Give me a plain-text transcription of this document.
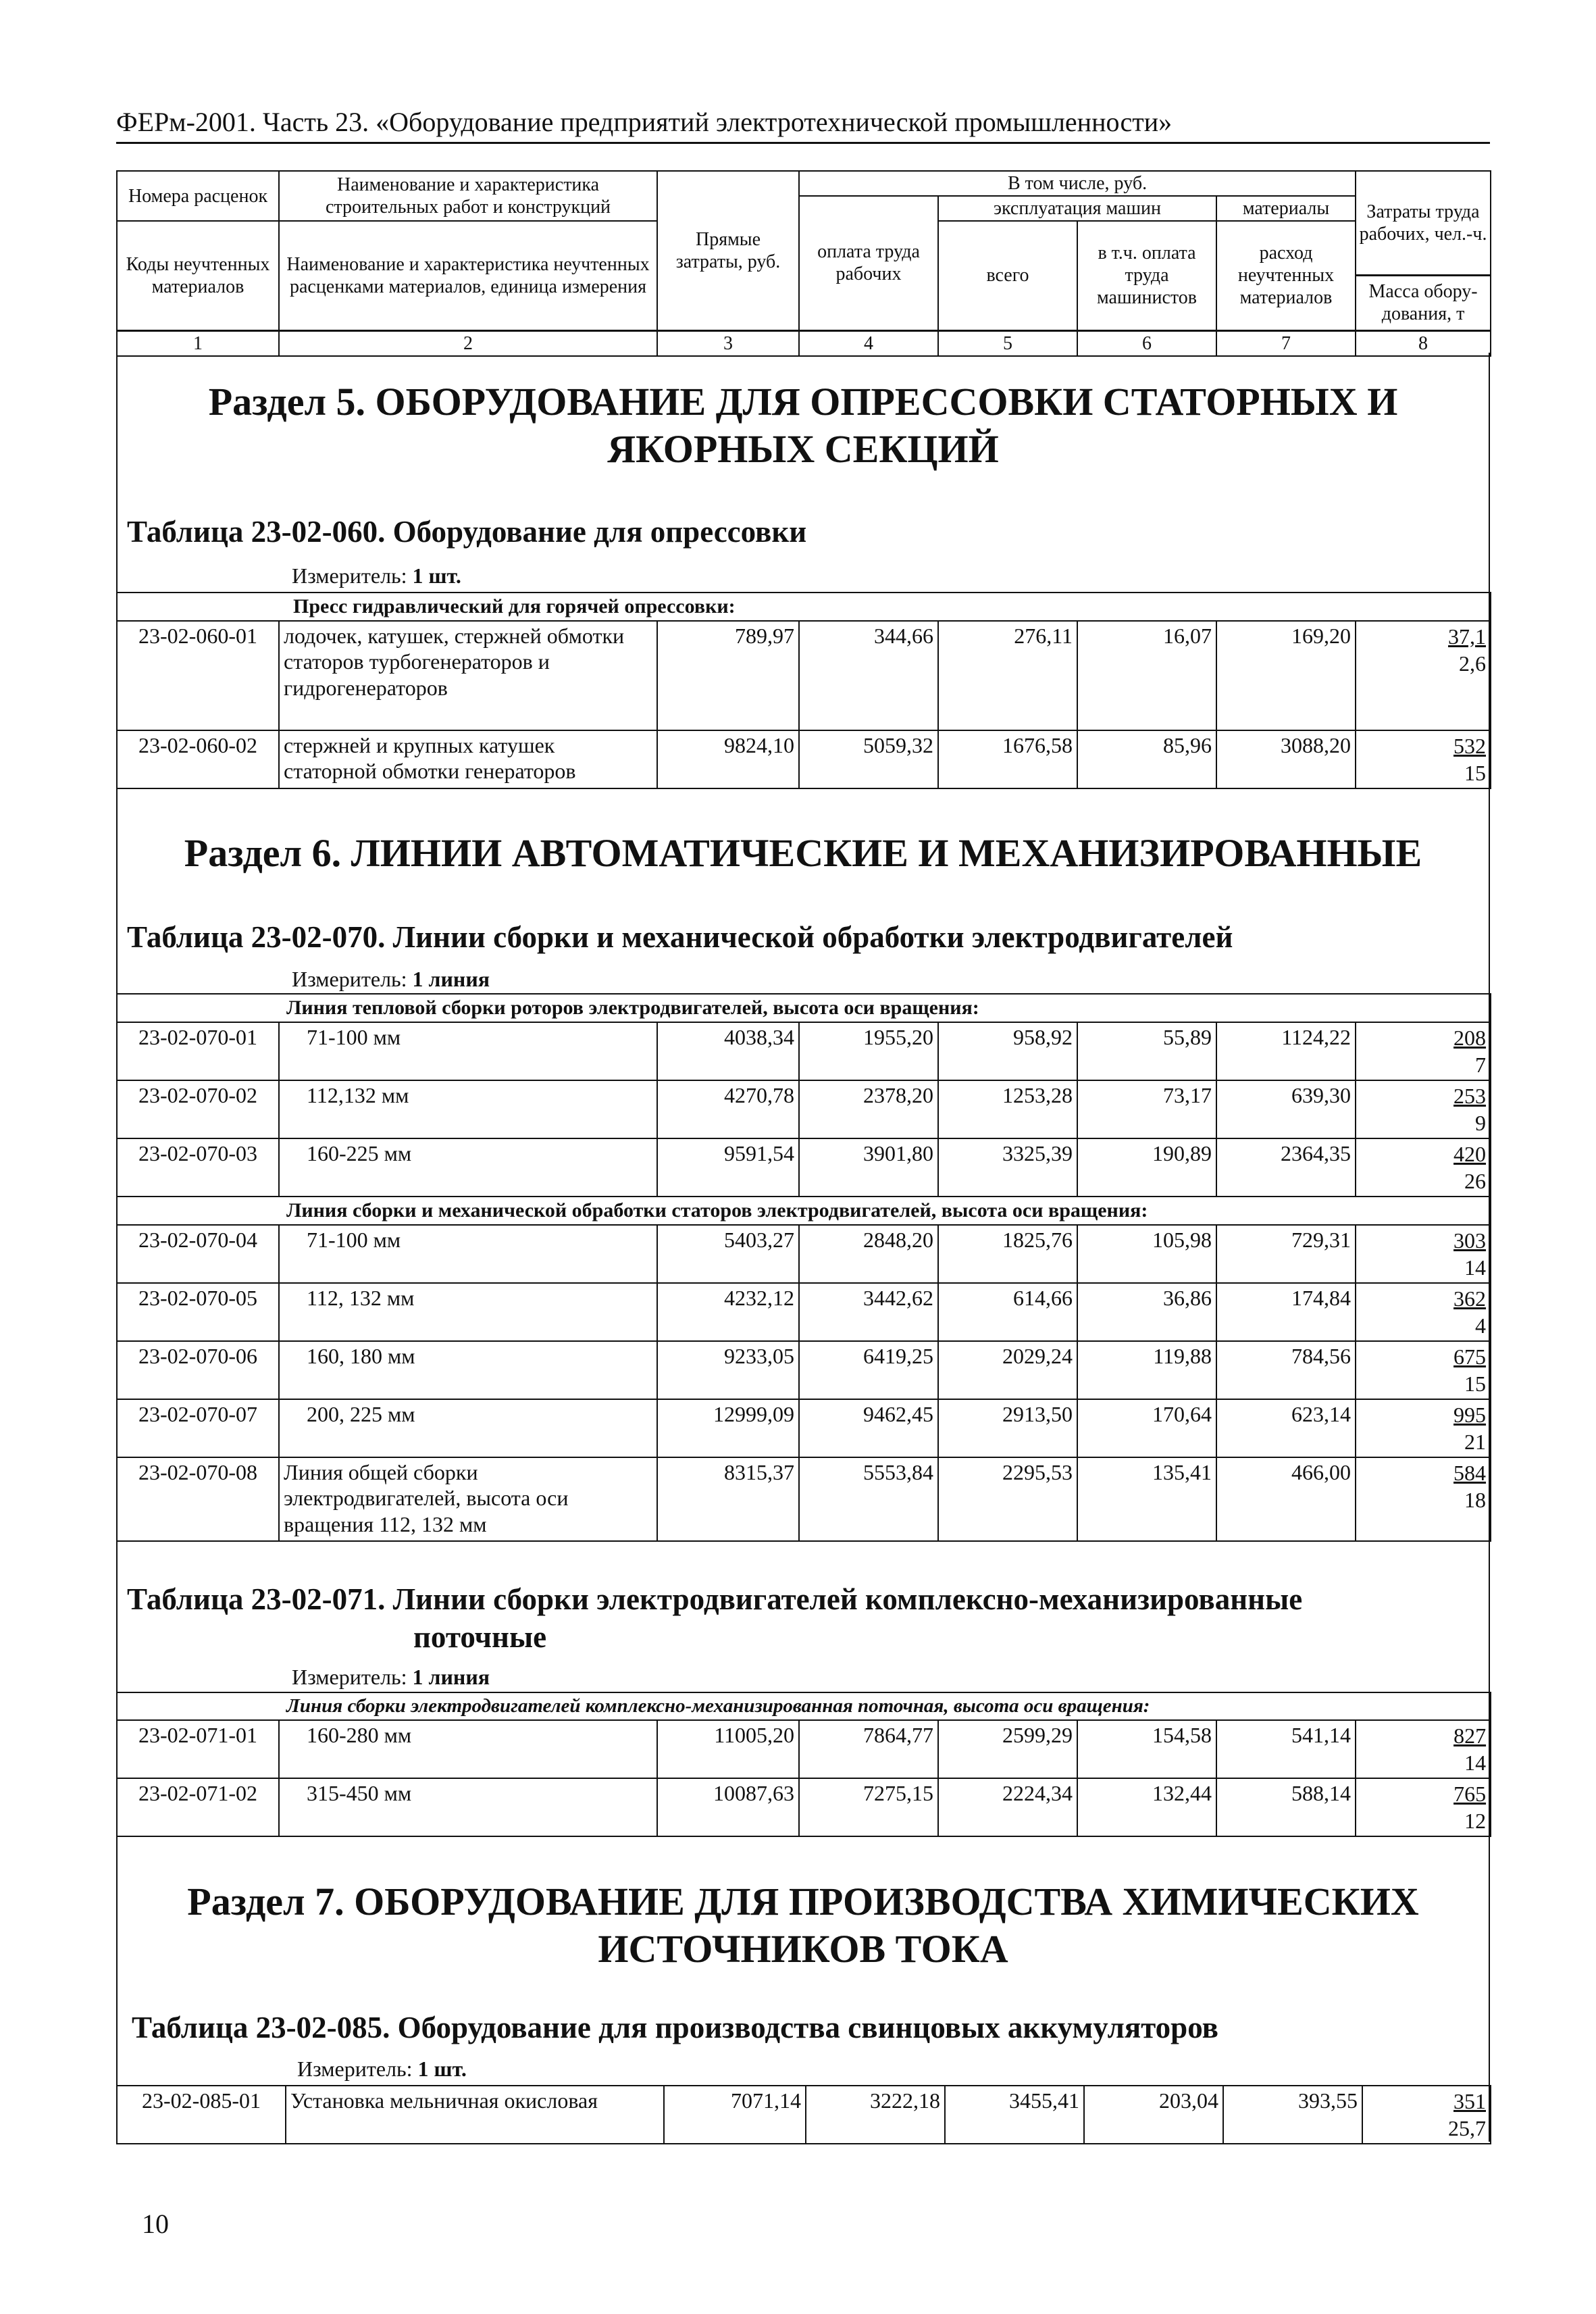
ФЕРм-2001. Часть 23. «Оборудование предприятий электротехнической промышленности»
Номера расценок	Наименование и характеристика строительных работ и конструкций	Прямые затраты, руб.	В том числе, руб.				Затраты труда рабочих, чел.-ч.
			оплата труда рабочих	эксплуатация машин		материалы	
Коды неучтенных материалов	Наименование и характеристика неучтенных расценками материалов, единица измерения			всего	в т.ч. оплата труда машинистов	расход неучтенных материалов	
							Масса обору-дования, т
1	2	3	4	5	6	7	8
Раздел 5. ОБОРУДОВАНИЕ ДЛЯ ОПРЕССОВКИ СТАТОРНЫХ И ЯКОРНЫХ СЕКЦИЙ
Таблица 23-02-060. Оборудование для опрессовки
Измеритель: 1 шт.
Пресс гидравлический для горячей опрессовки:							
23-02-060-01	лодочек, катушек, стержней обмотки статоров турбогенераторов и гидрогенераторов	789,97	344,66	276,11	16,07	169,20	37,1
2,6

23-02-060-02	стержней и крупных катушек статорной обмотки генераторов	9824,10	5059,32	1676,58	85,96	3088,20	532
15
Раздел 6. ЛИНИИ АВТОМАТИЧЕСКИЕ И МЕХАНИЗИРОВАННЫЕ
Таблица 23-02-070. Линии сборки и механической обработки электродвигателей
Измеритель: 1 линия
Линия тепловой сборки роторов электродвигателей, высота оси вращения:							
23-02-070-01	71-100 мм	4038,34	1955,20	958,92	55,89	1124,22	208
7

23-02-070-02	112,132 мм	4270,78	2378,20	1253,28	73,17	639,30	253
9

23-02-070-03	160-225 мм	9591,54	3901,80	3325,39	190,89	2364,35	420
26

Линия сборки и механической обработки статоров электродвигателей, высота оси вращения:							
23-02-070-04	71-100 мм	5403,27	2848,20	1825,76	105,98	729,31	303
14

23-02-070-05	112, 132 мм	4232,12	3442,62	614,66	36,86	174,84	362
4

23-02-070-06	160, 180 мм	9233,05	6419,25	2029,24	119,88	784,56	675
15

23-02-070-07	200, 225 мм	12999,09	9462,45	2913,50	170,64	623,14	995
21

23-02-070-08	Линия общей сборки электродвигателей, высота оси вращения 112, 132 мм	8315,37	5553,84	2295,53	135,41	466,00	584
18
Таблица 23-02-071. Линии сборки электродвигателей комплексно-механизированные
поточные
Измеритель: 1 линия
Линия сборки электродвигателей комплексно-механизированная поточная, высота оси вращения:							
23-02-071-01	160-280 мм	11005,20	7864,77	2599,29	154,58	541,14	827
14

23-02-071-02	315-450 мм	10087,63	7275,15	2224,34	132,44	588,14	765
12
Раздел 7. ОБОРУДОВАНИЕ ДЛЯ ПРОИЗВОДСТВА ХИМИЧЕСКИХ ИСТОЧНИКОВ ТОКА
Таблица 23-02-085. Оборудование для производства свинцовых аккумуляторов
Измеритель: 1 шт.
23-02-085-01	Установка мельничная окисловая	7071,14	3222,18	3455,41	203,04	393,55	351
25,7
10
